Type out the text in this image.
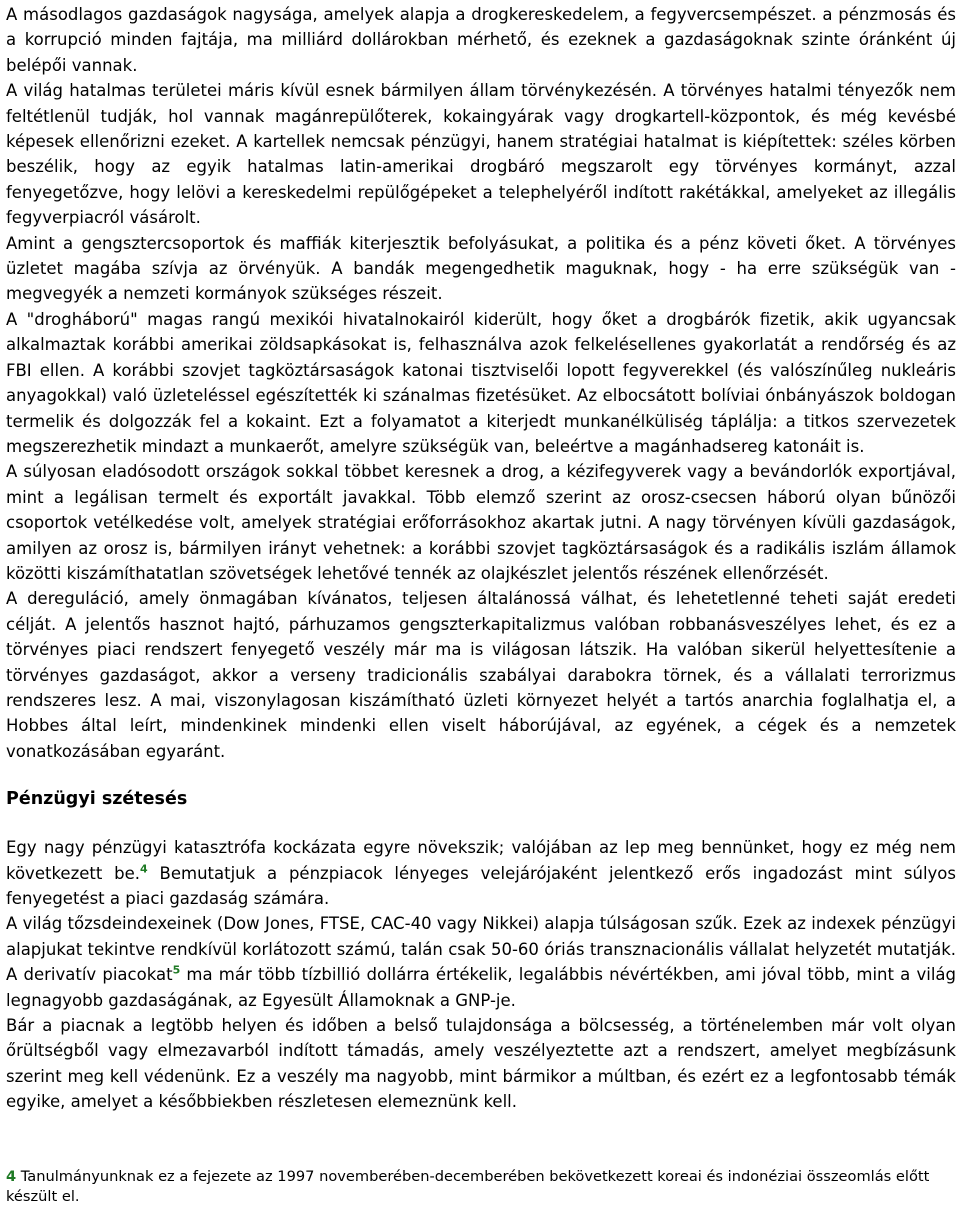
A másodlagos gazdaságok nagysága, amelyek alapja a drogkereskedelem, a fegyvercsempészet. a pénzmosás és a korrupció minden fajtája, ma milliárd dollárokban mérhető, és ezeknek a gazdaságoknak szinte óránként új belépői vannak.

A világ hatalmas területei máris kívül esnek bármilyen állam törvénykezésén. A törvényes hatalmi tényezők nem feltétlenül tudják, hol vannak magánrepülőterek, kokaingyárak vagy drogkartell-központok, és még kevésbé képesek ellenőrizni ezeket. A kartellek nemcsak pénzügyi, hanem stratégiai hatalmat is kiépítettek: széles körben beszélik, hogy az egyik hatalmas latin-amerikai drogbáró megszarolt egy törvényes kormányt, azzal fenyegetőzve, hogy lelövi a kereskedelmi repülőgépeket a telephelyéről indított rakétákkal, amelyeket az illegális fegyverpiacról vásárolt.

Amint a gengsztercsoportok és maffiák kiterjesztik befolyásukat, a politika és a pénz követi őket. A törvényes üzletet magába szívja az örvényük. A bandák megengedhetik maguknak, hogy - ha erre szükségük van - megvegyék a nemzeti kormányok szükséges részeit.

A "drogháború" magas rangú mexikói hivatalnokairól kiderült, hogy őket a drogbárók fizetik, akik ugyancsak alkalmaztak korábbi amerikai zöldsapkásokat is, felhasználva azok felkelésellenes gyakorlatát a rendőrség és az FBI ellen. A korábbi szovjet tagköztársaságok katonai tisztviselői lopott fegyverekkel (és valószínűleg nukleáris anyagokkal) való üzleteléssel egészítették ki szánalmas fizetésüket. Az elbocsátott bolíviai ónbányászok boldogan termelik és dolgozzák fel a kokaint. Ezt a folyamatot a kiterjedt munkanélküliség táplálja: a titkos szervezetek megszerezhetik mindazt a munkaerőt, amelyre szükségük van, beleértve a magánhadsereg katonáit is.

A súlyosan eladósodott országok sokkal többet keresnek a drog, a kézifegyverek vagy a bevándorlók exportjával, mint a legálisan termelt és exportált javakkal. Több elemző szerint az orosz-csecsen háború olyan bűnözői csoportok vetélkedése volt, amelyek stratégiai erőforrásokhoz akartak jutni. A nagy törvényen kívüli gazdaságok, amilyen az orosz is, bármilyen irányt vehetnek: a korábbi szovjet tagköztársaságok és a radikális iszlám államok közötti kiszámíthatatlan szövetségek lehetővé tennék az olajkészlet jelentős részének ellenőrzését.

A dereguláció, amely önmagában kívánatos, teljesen általánossá válhat, és lehetetlenné teheti saját eredeti célját. A jelentős hasznot hajtó, párhuzamos gengszterkapitalizmus valóban robbanásveszélyes lehet, és ez a törvényes piaci rendszert fenyegető veszély már ma is világosan látszik. Ha valóban sikerül helyettesítenie a törvényes gazdaságot, akkor a verseny tradicionális szabályai darabokra törnek, és a vállalati terrorizmus rendszeres lesz. A mai, viszonylagosan kiszámítható üzleti környezet helyét a tartós anarchia foglalhatja el, a Hobbes által leírt, mindenkinek mindenki ellen viselt háborújával, az egyének, a cégek és a nemzetek vonatkozásában egyaránt.

Pénzügyi szétesés

Egy nagy pénzügyi katasztrófa kockázata egyre növekszik; valójában az lep meg bennünket, hogy ez még nem következett be.$^4$ Bemutatjuk a pénzpiacok lényeges velejárójaként jelentkező erős ingadozást mint súlyos fenyegetést a piaci gazdaság számára.

A világ tőzsdeindexeinek (Dow Jones, FTSE, CAC-40 vagy Nikkei) alapja túlságosan szűk. Ezek az indexek pénzügyi alapjukat tekintve rendkívül korlátozott számú, talán csak 50-60 óriás transznacionális vállalat helyzetét mutatják. A derivatív piacokat$^5$ ma már több tízbillió dollárra értékelik, legalábbis névértékben, ami jóval több, mint a világ legnagyobb gazdaságának, az Egyesült Államoknak a GNP-je.

Bár a piacnak a legtöbb helyen és időben a belső tulajdonsága a bölcsesség, a történelemben már volt olyan őrültségből vagy elmezavarból indított támadás, amely veszélyeztette azt a rendszert, amelyet megbízásunk szerint meg kell védenünk. Ez a veszély ma nagyobb, mint bármikor a múltban, és ezért ez a legfontosabb témák egyike, amelyet a későbbiekben részletesen elemeznünk kell.

4 Tanulmányunknak ez a fejezete az 1997 novemberében-decemberében bekövetkezett koreai és indonéziai összeomlás előtt készült el.
